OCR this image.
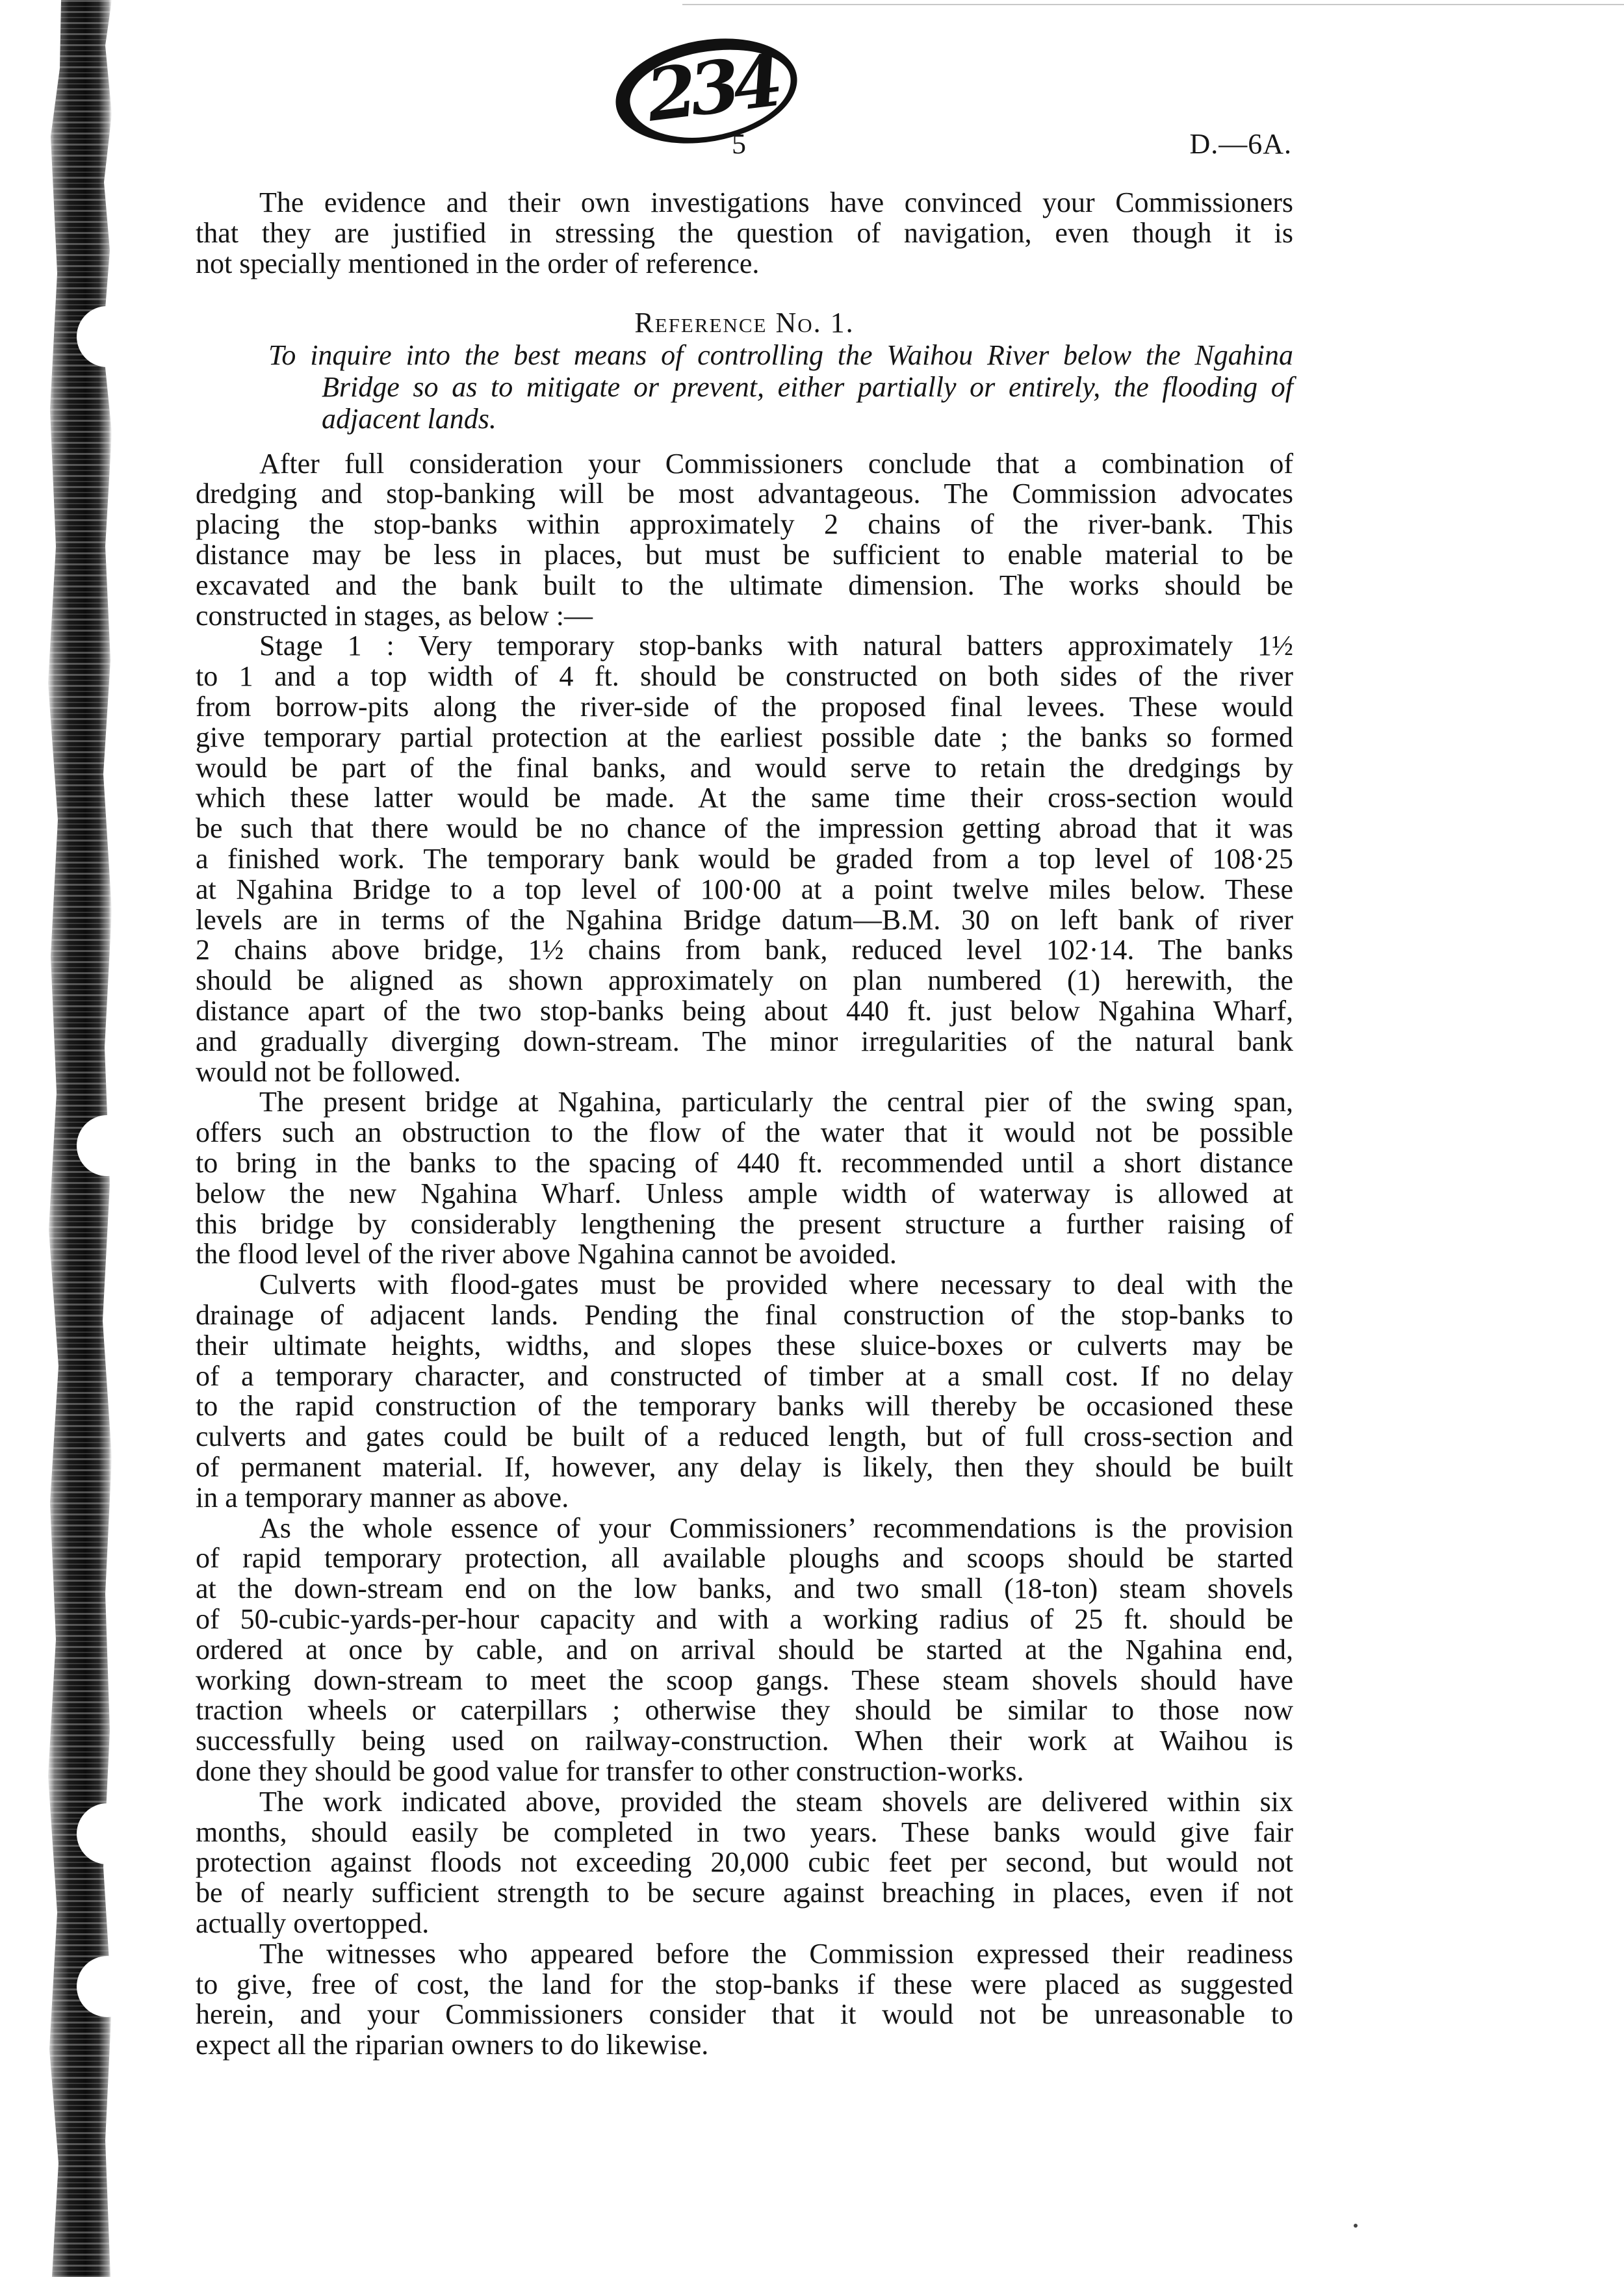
234
5	D.—6A.
The evidence and their own investigations have convinced your Commissioners
that they are justified in stressing the question of navigation, even though it is
not specially mentioned in the order of reference.
Reference No. 1.
To inquire into the best means of controlling the Waihou River below the Ngahina
Bridge so as to mitigate or prevent, either partially or entirely, the flooding of
adjacent lands.
After full consideration your Commissioners conclude that a combination of
dredging and stop-banking will be most advantageous. The Commission advocates
placing the stop-banks within approximately 2 chains of the river-bank. This
distance may be less in places, but must be sufficient to enable material to be
excavated and the bank built to the ultimate dimension. The works should be
constructed in stages, as below :—
Stage 1 : Very temporary stop-banks with natural batters approximately 1½
to 1 and a top width of 4 ft. should be constructed on both sides of the river
from borrow-pits along the river-side of the proposed final levees. These would
give temporary partial protection at the earliest possible date ; the banks so formed
would be part of the final banks, and would serve to retain the dredgings by
which these latter would be made. At the same time their cross-section would
be such that there would be no chance of the impression getting abroad that it was
a finished work. The temporary bank would be graded from a top level of 108·25
at Ngahina Bridge to a top level of 100·00 at a point twelve miles below. These
levels are in terms of the Ngahina Bridge datum—B.M. 30 on left bank of river
2 chains above bridge, 1½ chains from bank, reduced level 102·14. The banks
should be aligned as shown approximately on plan numbered (1) herewith, the
distance apart of the two stop-banks being about 440 ft. just below Ngahina Wharf,
and gradually diverging down-stream. The minor irregularities of the natural bank
would not be followed.
The present bridge at Ngahina, particularly the central pier of the swing span,
offers such an obstruction to the flow of the water that it would not be possible
to bring in the banks to the spacing of 440 ft. recommended until a short distance
below the new Ngahina Wharf. Unless ample width of waterway is allowed at
this bridge by considerably lengthening the present structure a further raising of
the flood level of the river above Ngahina cannot be avoided.
Culverts with flood-gates must be provided where necessary to deal with the
drainage of adjacent lands. Pending the final construction of the stop-banks to
their ultimate heights, widths, and slopes these sluice-boxes or culverts may be
of a temporary character, and constructed of timber at a small cost. If no delay
to the rapid construction of the temporary banks will thereby be occasioned these
culverts and gates could be built of a reduced length, but of full cross-section and
of permanent material. If, however, any delay is likely, then they should be built
in a temporary manner as above.
As the whole essence of your Commissioners’ recommendations is the provision
of rapid temporary protection, all available ploughs and scoops should be started
at the down-stream end on the low banks, and two small (18-ton) steam shovels
of 50-cubic-yards-per-hour capacity and with a working radius of 25 ft. should be
ordered at once by cable, and on arrival should be started at the Ngahina end,
working down-stream to meet the scoop gangs. These steam shovels should have
traction wheels or caterpillars ; otherwise they should be similar to those now
successfully being used on railway-construction. When their work at Waihou is
done they should be good value for transfer to other construction-works.
The work indicated above, provided the steam shovels are delivered within six
months, should easily be completed in two years. These banks would give fair
protection against floods not exceeding 20,000 cubic feet per second, but would not
be of nearly sufficient strength to be secure against breaching in places, even if not
actually overtopped.
The witnesses who appeared before the Commission expressed their readiness
to give, free of cost, the land for the stop-banks if these were placed as suggested
herein, and your Commissioners consider that it would not be unreasonable to
expect all the riparian owners to do likewise.
